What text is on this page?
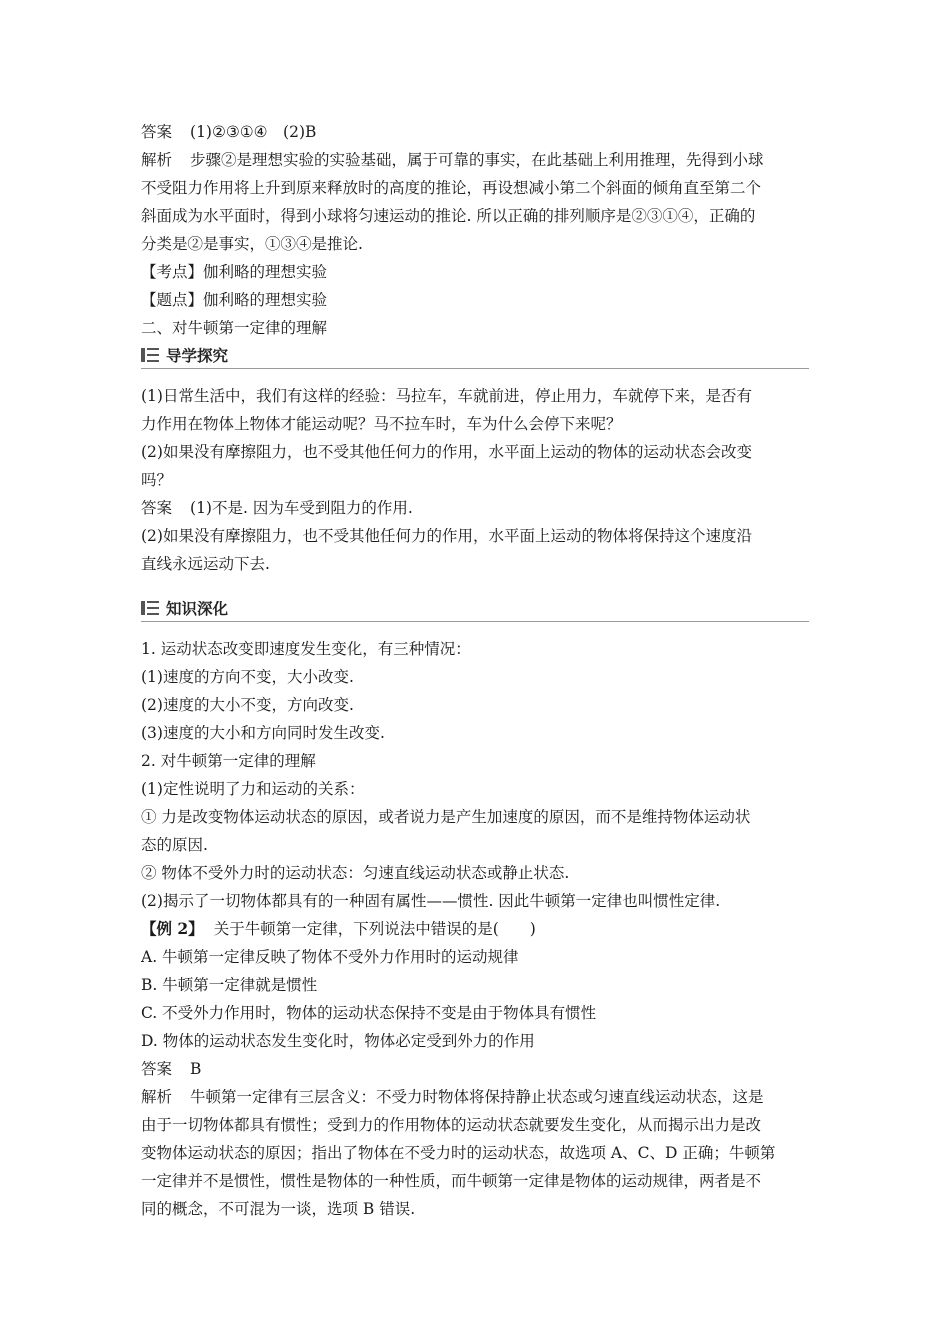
答案 (1)②③①④　(2)B
解析 步骤②是理想实验的实验基础，属于可靠的事实，在此基础上利用推理，先得到小球
不受阻力作用将上升到原来释放时的高度的推论，再设想减小第二个斜面的倾角直至第二个
斜面成为水平面时，得到小球将匀速运动的推论. 所以正确的排列顺序是②③①④，正确的
分类是②是事实，①③④是推论.
【考点】伽利略的理想实验
【题点】伽利略的理想实验
二、对牛顿第一定律的理解
导学探究
(1)日常生活中，我们有这样的经验：马拉车，车就前进，停止用力，车就停下来，是否有
力作用在物体上物体才能运动呢？马不拉车时，车为什么会停下来呢？
(2)如果没有摩擦阻力，也不受其他任何力的作用，水平面上运动的物体的运动状态会改变
吗？
答案 (1)不是. 因为车受到阻力的作用.
(2)如果没有摩擦阻力，也不受其他任何力的作用，水平面上运动的物体将保持这个速度沿
直线永远运动下去.
知识深化
1. 运动状态改变即速度发生变化，有三种情况：
(1)速度的方向不变，大小改变.
(2)速度的大小不变，方向改变.
(3)速度的大小和方向同时发生改变.
2. 对牛顿第一定律的理解
(1)定性说明了力和运动的关系：
① 力是改变物体运动状态的原因，或者说力是产生加速度的原因，而不是维持物体运动状
态的原因.
② 物体不受外力时的运动状态：匀速直线运动状态或静止状态.
(2)揭示了一切物体都具有的一种固有属性——惯性. 因此牛顿第一定律也叫惯性定律.
【例 2】 关于牛顿第一定律，下列说法中错误的是(　　)
A. 牛顿第一定律反映了物体不受外力作用时的运动规律
B. 牛顿第一定律就是惯性
C. 不受外力作用时，物体的运动状态保持不变是由于物体具有惯性
D. 物体的运动状态发生变化时，物体必定受到外力的作用
答案 B
解析 牛顿第一定律有三层含义：不受力时物体将保持静止状态或匀速直线运动状态，这是
由于一切物体都具有惯性；受到力的作用物体的运动状态就要发生变化，从而揭示出力是改
变物体运动状态的原因；指出了物体在不受力时的运动状态，故选项 A、C、D 正确；牛顿第
一定律并不是惯性，惯性是物体的一种性质，而牛顿第一定律是物体的运动规律，两者是不
同的概念，不可混为一谈，选项 B 错误.
